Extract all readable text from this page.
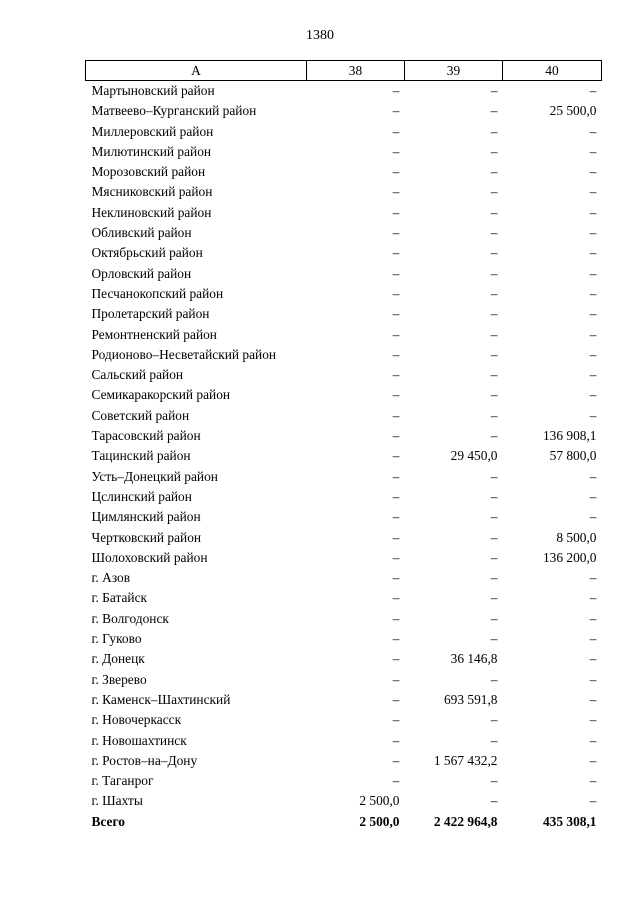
1380
А	38	39	40
Мартыновский район	–	–	–
Матвеево–Курганский район	–	–	25 500,0
Миллеровский район	–	–	–
Милютинский район	–	–	–
Морозовский район	–	–	–
Мясниковский район	–	–	–
Неклиновский район	–	–	–
Обливский район	–	–	–
Октябрьский район	–	–	–
Орловский район	–	–	–
Песчанокопский район	–	–	–
Пролетарский район	–	–	–
Ремонтненский район	–	–	–
Родионово–Несветайский район	–	–	–
Сальский район	–	–	–
Семикаракорский район	–	–	–
Советский район	–	–	–
Тарасовский район	–	–	136 908,1
Тацинский район	–	29 450,0	57 800,0
Усть–Донецкий район	–	–	–
Цслинский район	–	–	–
Цимлянский район	–	–	–
Чертковский район	–	–	8 500,0
Шолоховский район	–	–	136 200,0
г. Азов	–	–	–
г. Батайск	–	–	–
г. Волгодонск	–	–	–
г. Гуково	–	–	–
г. Донецк	–	36 146,8	–
г. Зверево	–	–	–
г. Каменск–Шахтинский	–	693 591,8	–
г. Новочеркасск	–	–	–
г. Новошахтинск	–	–	–
г. Ростов–на–Дону	–	1 567 432,2	–
г. Таганрог	–	–	–
г. Шахты	2 500,0	–	–
Всего	2 500,0	2 422 964,8	435 308,1
